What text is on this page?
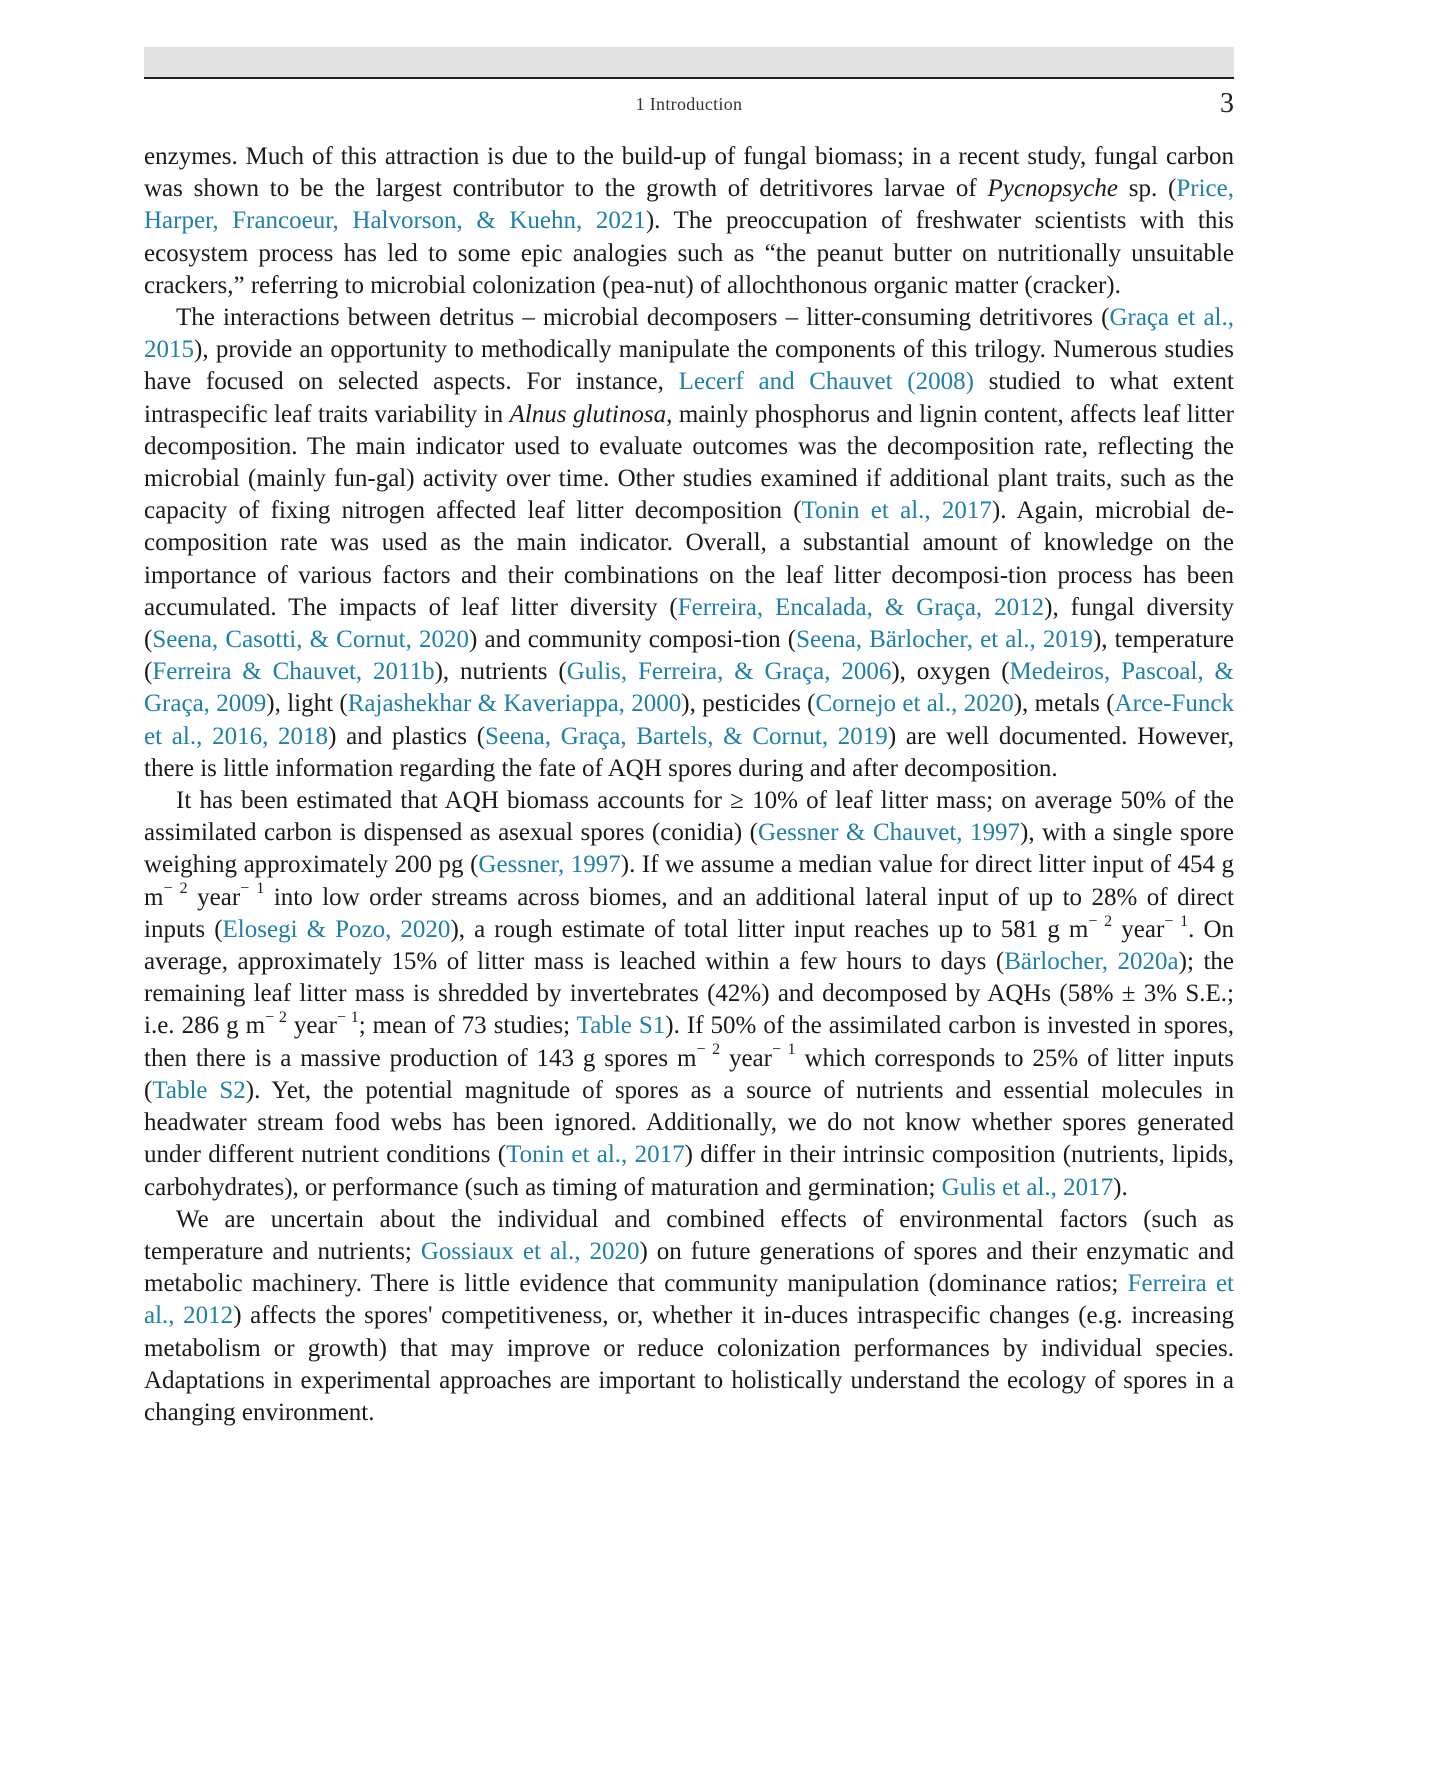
1 Introduction	3

enzymes. Much of this attraction is due to the build-up of fungal biomass; in a recent study, fungal carbon was shown to be the largest contributor to the growth of detritivores larvae of Pycnopsyche sp. (Price, Harper, Francoeur, Halvorson, & Kuehn, 2021). The preoccupation of freshwater scientists with this ecosystem process has led to some epic analogies such as “the peanut butter on nutritionally unsuitable crackers,” referring to microbial colonization (pea-nut) of allochthonous organic matter (cracker).

The interactions between detritus – microbial decomposers – litter-consuming detritivores (Graça et al., 2015), provide an opportunity to methodically manipulate the components of this trilogy. Numerous studies have focused on selected aspects. For instance, Lecerf and Chauvet (2008) studied to what extent intraspecific leaf traits variability in Alnus glutinosa, mainly phosphorus and lignin content, affects leaf litter decomposition. The main indicator used to evaluate outcomes was the decomposition rate, reflecting the microbial (mainly fun-gal) activity over time. Other studies examined if additional plant traits, such as the capacity of fixing nitrogen affected leaf litter decomposition (Tonin et al., 2017). Again, microbial de-composition rate was used as the main indicator. Overall, a substantial amount of knowledge on the importance of various factors and their combinations on the leaf litter decomposi-tion process has been accumulated. The impacts of leaf litter diversity (Ferreira, Encalada, & Graça, 2012), fungal diversity (Seena, Casotti, & Cornut, 2020) and community composi-tion (Seena, Bärlocher, et al., 2019), temperature (Ferreira & Chauvet, 2011b), nutrients (Gulis, Ferreira, & Graça, 2006), oxygen (Medeiros, Pascoal, & Graça, 2009), light (Rajashekhar & Kaveriappa, 2000), pesticides (Cornejo et al., 2020), metals (Arce-Funck et al., 2016, 2018) and plastics (Seena, Graça, Bartels, & Cornut, 2019) are well documented. However, there is little information regarding the fate of AQH spores during and after decomposition.

It has been estimated that AQH biomass accounts for ≥ 10% of leaf litter mass; on average 50% of the assimilated carbon is dispensed as asexual spores (conidia) (Gessner & Chauvet, 1997), with a single spore weighing approximately 200 pg (Gessner, 1997). If we assume a median value for direct litter input of 454 g $m^{- 2}$ year$^{- 1}$ into low order streams across biomes, and an additional lateral input of up to 28% of direct inputs (Elosegi & Pozo, 2020), a rough estimate of total litter input reaches up to 581 g $m^{- 2}$ year$^{- 1}$. On average, approximately 15% of litter mass is leached within a few hours to days (Bärlocher, 2020a); the remaining leaf litter mass is shredded by invertebrates (42%) and decomposed by AQHs (58% ± 3% S.E.; i.e. 286 g $m^{- 2}$ year$^{- 1}$; mean of 73 studies; Table S1). If 50% of the assimilated carbon is invested in spores, then there is a massive production of 143 g spores $m^{- 2}$ year$^{- 1}$ which corresponds to 25% of litter inputs (Table S2). Yet, the potential magnitude of spores as a source of nutrients and essential molecules in headwater stream food webs has been ignored. Additionally, we do not know whether spores generated under different nutrient conditions (Tonin et al., 2017) differ in their intrinsic composition (nutrients, lipids, carbohydrates), or performance (such as timing of maturation and germination; Gulis et al., 2017).

We are uncertain about the individual and combined effects of environmental factors (such as temperature and nutrients; Gossiaux et al., 2020) on future generations of spores and their enzymatic and metabolic machinery. There is little evidence that community manipulation (dominance ratios; Ferreira et al., 2012) affects the spores' competitiveness, or, whether it in-duces intraspecific changes (e.g. increasing metabolism or growth) that may improve or reduce colonization performances by individual species. Adaptations in experimental approaches are important to holistically understand the ecology of spores in a changing environment.
